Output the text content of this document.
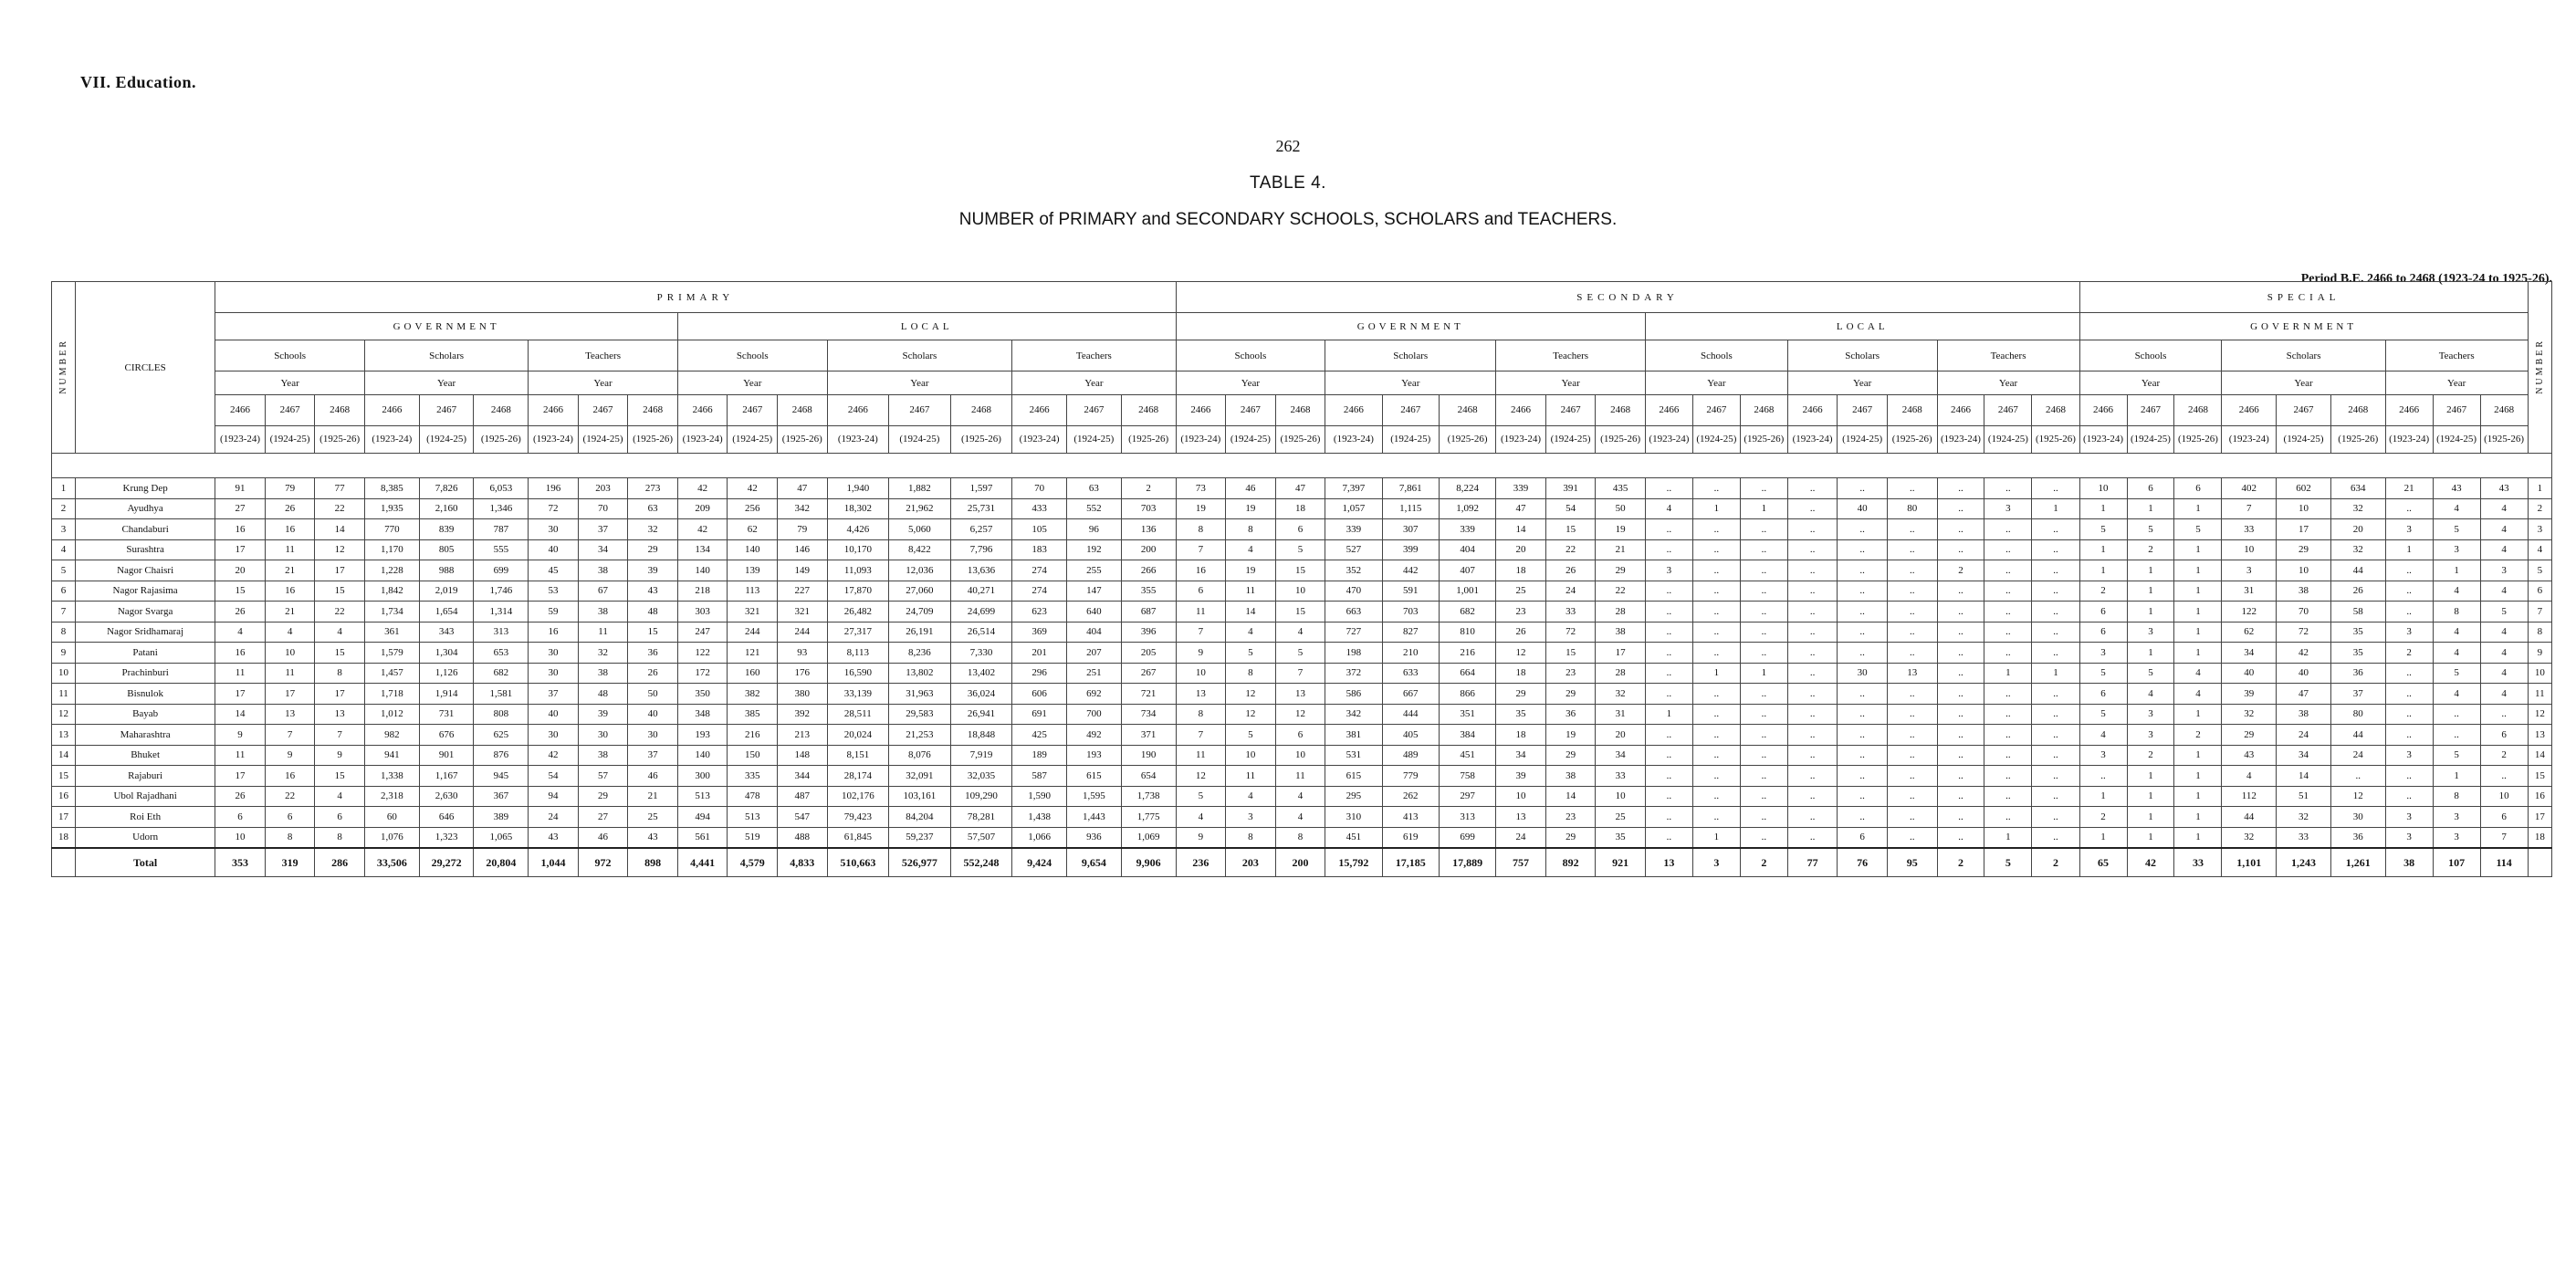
VII. Education.
262
TABLE 4.
NUMBER of PRIMARY and SECONDARY SCHOOLS, SCHOLARS and TEACHERS.
Period B.E. 2466 to 2468 (1923-24 to 1925-26).
NUMBER	CIRCLES	PRIMARY																		SECONDARY																		SPECIAL									NUMBER
		GOVERNMENT									LOCAL									GOVERNMENT									LOCAL									GOVERNMENT									
		Schools			Scholars			Teachers			Schools			Scholars			Teachers			Schools			Scholars			Teachers			Schools			Scholars			Teachers			Schools			Scholars			Teachers			
		Year			Year			Year			Year			Year			Year			Year			Year			Year			Year			Year			Year			Year			Year			Year			
		2466	2467	2468	2466	2467	2468	2466	2467	2468	2466	2467	2468	2466	2467	2468	2466	2467	2468	2466	2467	2468	2466	2467	2468	2466	2467	2468	2466	2467	2468	2466	2467	2468	2466	2467	2468	2466	2467	2468	2466	2467	2468	2466	2467	2468	
		(1923-24)	(1924-25)	(1925-26)	(1923-24)	(1924-25)	(1925-26)	(1923-24)	(1924-25)	(1925-26)	(1923-24)	(1924-25)	(1925-26)	(1923-24)	(1924-25)	(1925-26)	(1923-24)	(1924-25)	(1925-26)	(1923-24)	(1924-25)	(1925-26)	(1923-24)	(1924-25)	(1925-26)	(1923-24)	(1924-25)	(1925-26)	(1923-24)	(1924-25)	(1925-26)	(1923-24)	(1924-25)	(1925-26)	(1923-24)	(1924-25)	(1925-26)	(1923-24)	(1924-25)	(1925-26)	(1923-24)	(1924-25)	(1925-26)	(1923-24)	(1924-25)	(1925-26)	

1	Krung Dep	91	79	77	8,385	7,826	6,053	196	203	273	42	42	47	1,940	1,882	1,597	70	63	2	73	46	47	7,397	7,861	8,224	339	391	435	..	..	..	..	..	..	..	..	..	10	6	6	402	602	634	21	43	43	1
2	Ayudhya	27	26	22	1,935	2,160	1,346	72	70	63	209	256	342	18,302	21,962	25,731	433	552	703	19	19	18	1,057	1,115	1,092	47	54	50	4	1	1	..	40	80	..	3	1	1	1	1	7	10	32	..	4	4	2
3	Chandaburi	16	16	14	770	839	787	30	37	32	42	62	79	4,426	5,060	6,257	105	96	136	8	8	6	339	307	339	14	15	19	..	..	..	..	..	..	..	..	..	5	5	5	33	17	20	3	5	4	3
4	Surashtra	17	11	12	1,170	805	555	40	34	29	134	140	146	10,170	8,422	7,796	183	192	200	7	4	5	527	399	404	20	22	21	..	..	..	..	..	..	..	..	..	1	2	1	10	29	32	1	3	4	4
5	Nagor Chaisri	20	21	17	1,228	988	699	45	38	39	140	139	149	11,093	12,036	13,636	274	255	266	16	19	15	352	442	407	18	26	29	3	..	..	..	..	..	2	..	..	1	1	1	3	10	44	..	1	3	5
6	Nagor Rajasima	15	16	15	1,842	2,019	1,746	53	67	43	218	113	227	17,870	27,060	40,271	274	147	355	6	11	10	470	591	1,001	25	24	22	..	..	..	..	..	..	..	..	..	2	1	1	31	38	26	..	4	4	6
7	Nagor Svarga	26	21	22	1,734	1,654	1,314	59	38	48	303	321	321	26,482	24,709	24,699	623	640	687	11	14	15	663	703	682	23	33	28	..	..	..	..	..	..	..	..	..	6	1	1	122	70	58	..	8	5	7
8	Nagor Sridhamaraj	4	4	4	361	343	313	16	11	15	247	244	244	27,317	26,191	26,514	369	404	396	7	4	4	727	827	810	26	72	38	..	..	..	..	..	..	..	..	..	6	3	1	62	72	35	3	4	4	8
9	Patani	16	10	15	1,579	1,304	653	30	32	36	122	121	93	8,113	8,236	7,330	201	207	205	9	5	5	198	210	216	12	15	17	..	..	..	..	..	..	..	..	..	3	1	1	34	42	35	2	4	4	9
10	Prachinburi	11	11	8	1,457	1,126	682	30	38	26	172	160	176	16,590	13,802	13,402	296	251	267	10	8	7	372	633	664	18	23	28	..	1	1	..	30	13	..	1	1	5	5	4	40	40	36	..	5	4	10
11	Bisnulok	17	17	17	1,718	1,914	1,581	37	48	50	350	382	380	33,139	31,963	36,024	606	692	721	13	12	13	586	667	866	29	29	32	..	..	..	..	..	..	..	..	..	6	4	4	39	47	37	..	4	4	11
12	Bayab	14	13	13	1,012	731	808	40	39	40	348	385	392	28,511	29,583	26,941	691	700	734	8	12	12	342	444	351	35	36	31	1	..	..	..	..	..	..	..	..	5	3	1	32	38	80	..	..	..	12
13	Maharashtra	9	7	7	982	676	625	30	30	30	193	216	213	20,024	21,253	18,848	425	492	371	7	5	6	381	405	384	18	19	20	..	..	..	..	..	..	..	..	..	4	3	2	29	24	44	..	..	6	13
14	Bhuket	11	9	9	941	901	876	42	38	37	140	150	148	8,151	8,076	7,919	189	193	190	11	10	10	531	489	451	34	29	34	..	..	..	..	..	..	..	..	..	3	2	1	43	34	24	3	5	2	14
15	Rajaburi	17	16	15	1,338	1,167	945	54	57	46	300	335	344	28,174	32,091	32,035	587	615	654	12	11	11	615	779	758	39	38	33	..	..	..	..	..	..	..	..	..	..	1	1	4	14	..	..	1	..	15
16	Ubol Rajadhani	26	22	4	2,318	2,630	367	94	29	21	513	478	487	102,176	103,161	109,290	1,590	1,595	1,738	5	4	4	295	262	297	10	14	10	..	..	..	..	..	..	..	..	..	1	1	1	112	51	12	..	8	10	16
17	Roi Eth	6	6	6	60	646	389	24	27	25	494	513	547	79,423	84,204	78,281	1,438	1,443	1,775	4	3	4	310	413	313	13	23	25	..	..	..	..	..	..	..	..	..	2	1	1	44	32	30	3	3	6	17
18	Udorn	10	8	8	1,076	1,323	1,065	43	46	43	561	519	488	61,845	59,237	57,507	1,066	936	1,069	9	8	8	451	619	699	24	29	35	..	1	..	..	6	..	..	1	..	1	1	1	32	33	36	3	3	7	18
	Total	353	319	286	33,506	29,272	20,804	1,044	972	898	4,441	4,579	4,833	510,663	526,977	552,248	9,424	9,654	9,906	236	203	200	15,792	17,185	17,889	757	892	921	13	3	2	77	76	95	2	5	2	65	42	33	1,101	1,243	1,261	38	107	114	
